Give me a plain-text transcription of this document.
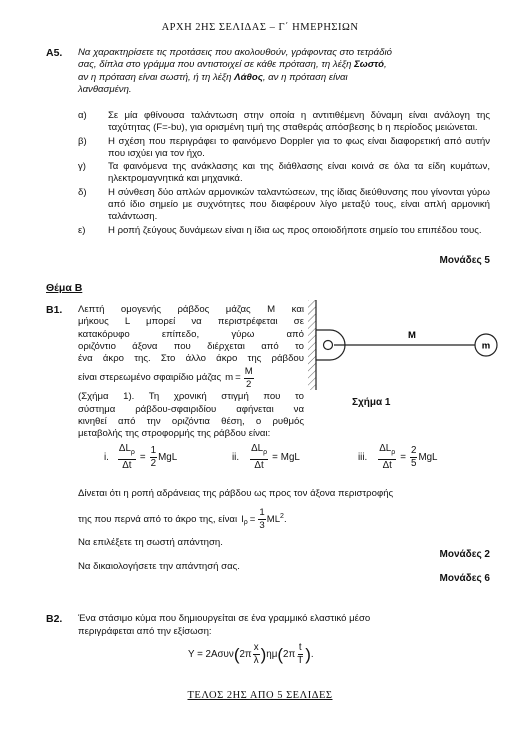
ΑΡΧΗ 2ΗΣ ΣΕΛΙΔΑΣ – Γ΄ ΗΜΕΡΗΣΙΩΝ
Α5. Να χαρακτηρίσετε τις προτάσεις που ακολουθούν, γράφοντας στο τετράδιό
σας, δίπλα στο γράμμα που αντιστοιχεί σε κάθε πρόταση, τη λέξη Σωστό,
αν η πρόταση είναι σωστή, ή τη λέξη Λάθος, αν η πρόταση είναι
λανθασμένη.
α)	Σε μία φθίνουσα ταλάντωση στην οποία η αντιτιθέμενη δύναμη είναι ανάλογη της ταχύτητας (F=-bυ), για ορισμένη τιμή της σταθεράς απόσβεσης b η περίοδος μειώνεται.
β)	Η σχέση που περιγράφει το φαινόμενο Doppler για το φως είναι διαφορετική από αυτήν που ισχύει για τον ήχο.
γ)	Τα φαινόμενα της ανάκλασης και της διάθλασης είναι κοινά σε όλα τα είδη κυμάτων, ηλεκτρομαγνητικά και μηχανικά.
δ)	Η σύνθεση δύο απλών αρμονικών ταλαντώσεων, της ίδιας διεύθυνσης που γίνονται γύρω από ίδιο σημείο με συχνότητες που διαφέρουν λίγο μεταξύ τους, είναι απλή αρμονική ταλάντωση.
ε)	Η ροπή ζεύγους δυνάμεων είναι η ίδια ως προς οποιοδήποτε σημείο του επιπέδου τους.
Μονάδες 5
Θέμα Β
Β1. Λεπτή ομογενής ράβδος μάζας Μ και
μήκους L μπορεί να περιστρέφεται σε
κατακόρυφο επίπεδο, γύρω από
οριζόντιο άξονα που διέρχεται από το
ένα άκρο της. Στο άλλο άκρο της ράβδου
είναι στερεωμένο σφαιρίδιο μάζας $m = \frac{M}{2}$
(Σχήμα 1). Τη χρονική στιγμή που το
σύστημα ράβδου-σφαιριδίου αφήνεται να
κινηθεί από την οριζόντια θέση, ο ρυθμός
μεταβολής της στροφορμής της ράβδου είναι:
M
m
Σχήμα 1
i. $\frac{\Delta L_\rho}{\Delta t} = \frac{1}{2}$ MgL	ii. $\frac{\Delta L_\rho}{\Delta t}$ = MgL	iii. $\frac{\Delta L_\rho}{\Delta t} = \frac{2}{5}$ MgL
Δίνεται ότι η ροπή αδράνειας της ράβδου ως προς τον άξονα περιστροφής
της που περνά από το άκρο της, είναι $I_\rho = \frac{1}{3} ML^2$ .
Να επιλέξετε τη σωστή απάντηση.
Μονάδες 2
Να δικαιολογήσετε την απάντησή σας.
Μονάδες 6
Β2. Ένα στάσιμο κύμα που δημιουργείται σε ένα γραμμικό ελαστικό μέσο
περιγράφεται από την εξίσωση:
Y = 2Aσυν ( $2\pi \frac{x}{\lambda}$ ) ημ ( $2\pi \frac{t}{T}$ ) .
ΤΕΛΟΣ 2ΗΣ ΑΠΟ 5 ΣΕΛΙΔΕΣ
